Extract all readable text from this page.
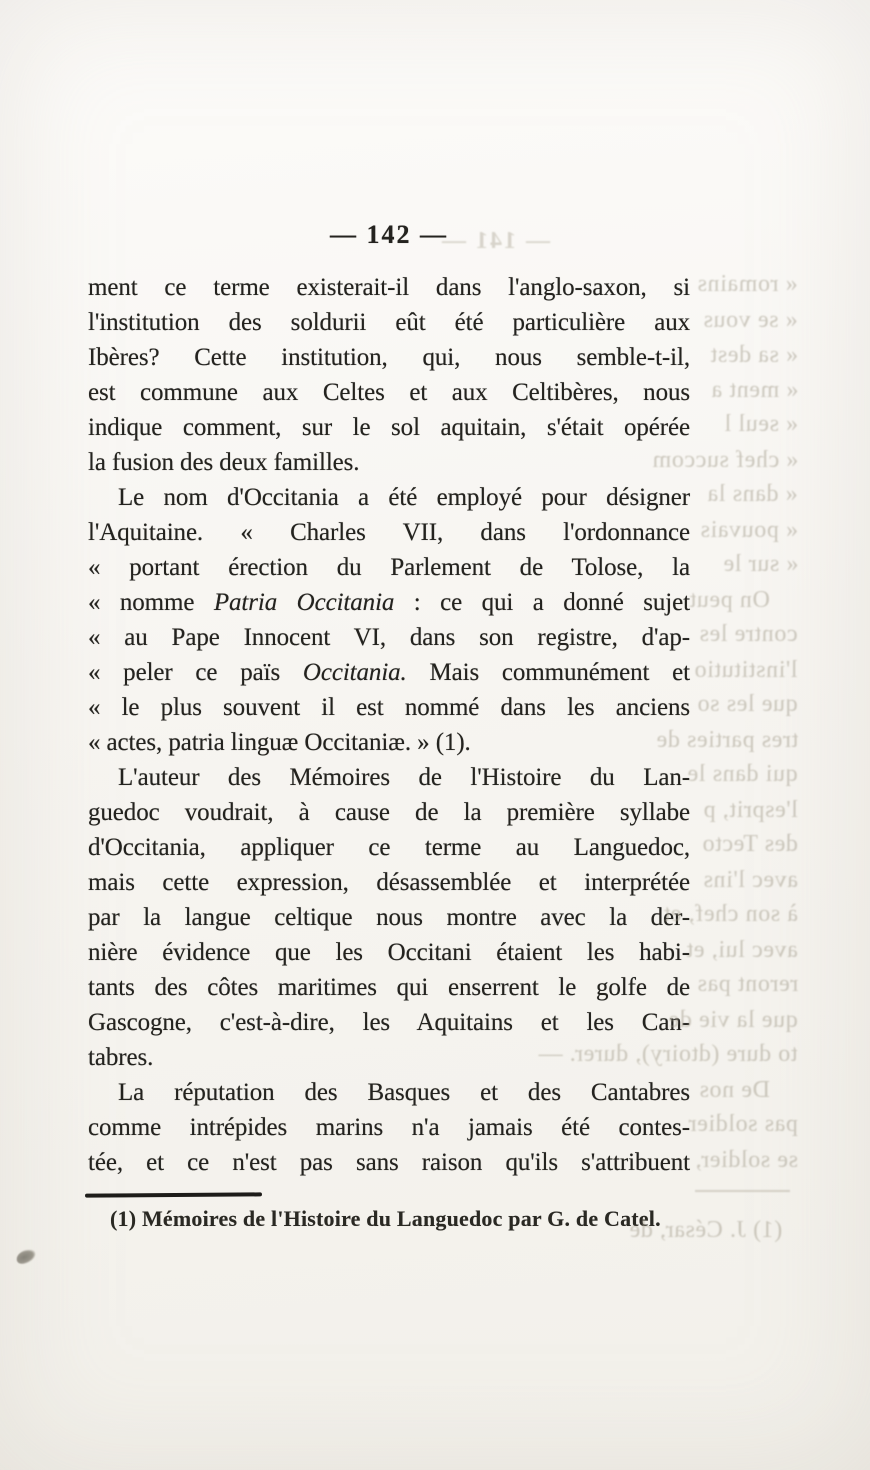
— 142 —
— 141 —

ment ce terme existerait-il dans l'anglo-saxon, si
l'institution des soldurii eût été particulière aux
Ibères? Cette institution, qui, nous semble-t-il,
est commune aux Celtes et aux Celtibères, nous
indique comment, sur le sol aquitain, s'était opérée
la fusion des deux familles.

Le nom d'Occitania a été employé pour désigner
l'Aquitaine. « Charles VII, dans l'ordonnance
« portant érection du Parlement de Tolose, la
« nomme Patria Occitania : ce qui a donné sujet
« au Pape Innocent VI, dans son registre, d'ap-
« peler ce païs Occitania. Mais communément et
« le plus souvent il est nommé dans les anciens
« actes, patria linguæ Occitaniæ. » (1).

L'auteur des Mémoires de l'Histoire du Lan-
guedoc voudrait, à cause de la première syllabe
d'Occitania, appliquer ce terme au Languedoc,
mais cette expression, désassemblée et interprétée
par la langue celtique nous montre avec la der-
nière évidence que les Occitani étaient les habi-
tants des côtes maritimes qui enserrent le golfe de
Gascogne, c'est-à-dire, les Aquitains et les Can-
tabres.

La réputation des Basques et des Cantabres
comme intrépides marins n'a jamais été contes-
tée, et ce n'est pas sans raison qu'ils s'attribuent

(1) Mémoires de l'Histoire du Languedoc par G. de Catel.
« romains
« se vous
« sa dest
« ment a
« seul l
« chef succom
« dans la
« pouvais
« sur le
On peut
contre les
l'institutio
que les so
tres parties de
qui dans le
l'esprit, p
des Tecto
avec l'ins
à son chef, et
avec lui, et
reront pas
que la vie de
to dure (dtoiry), durer. —
De nos
pas soldier
se soldier,
(1) J. César, de
